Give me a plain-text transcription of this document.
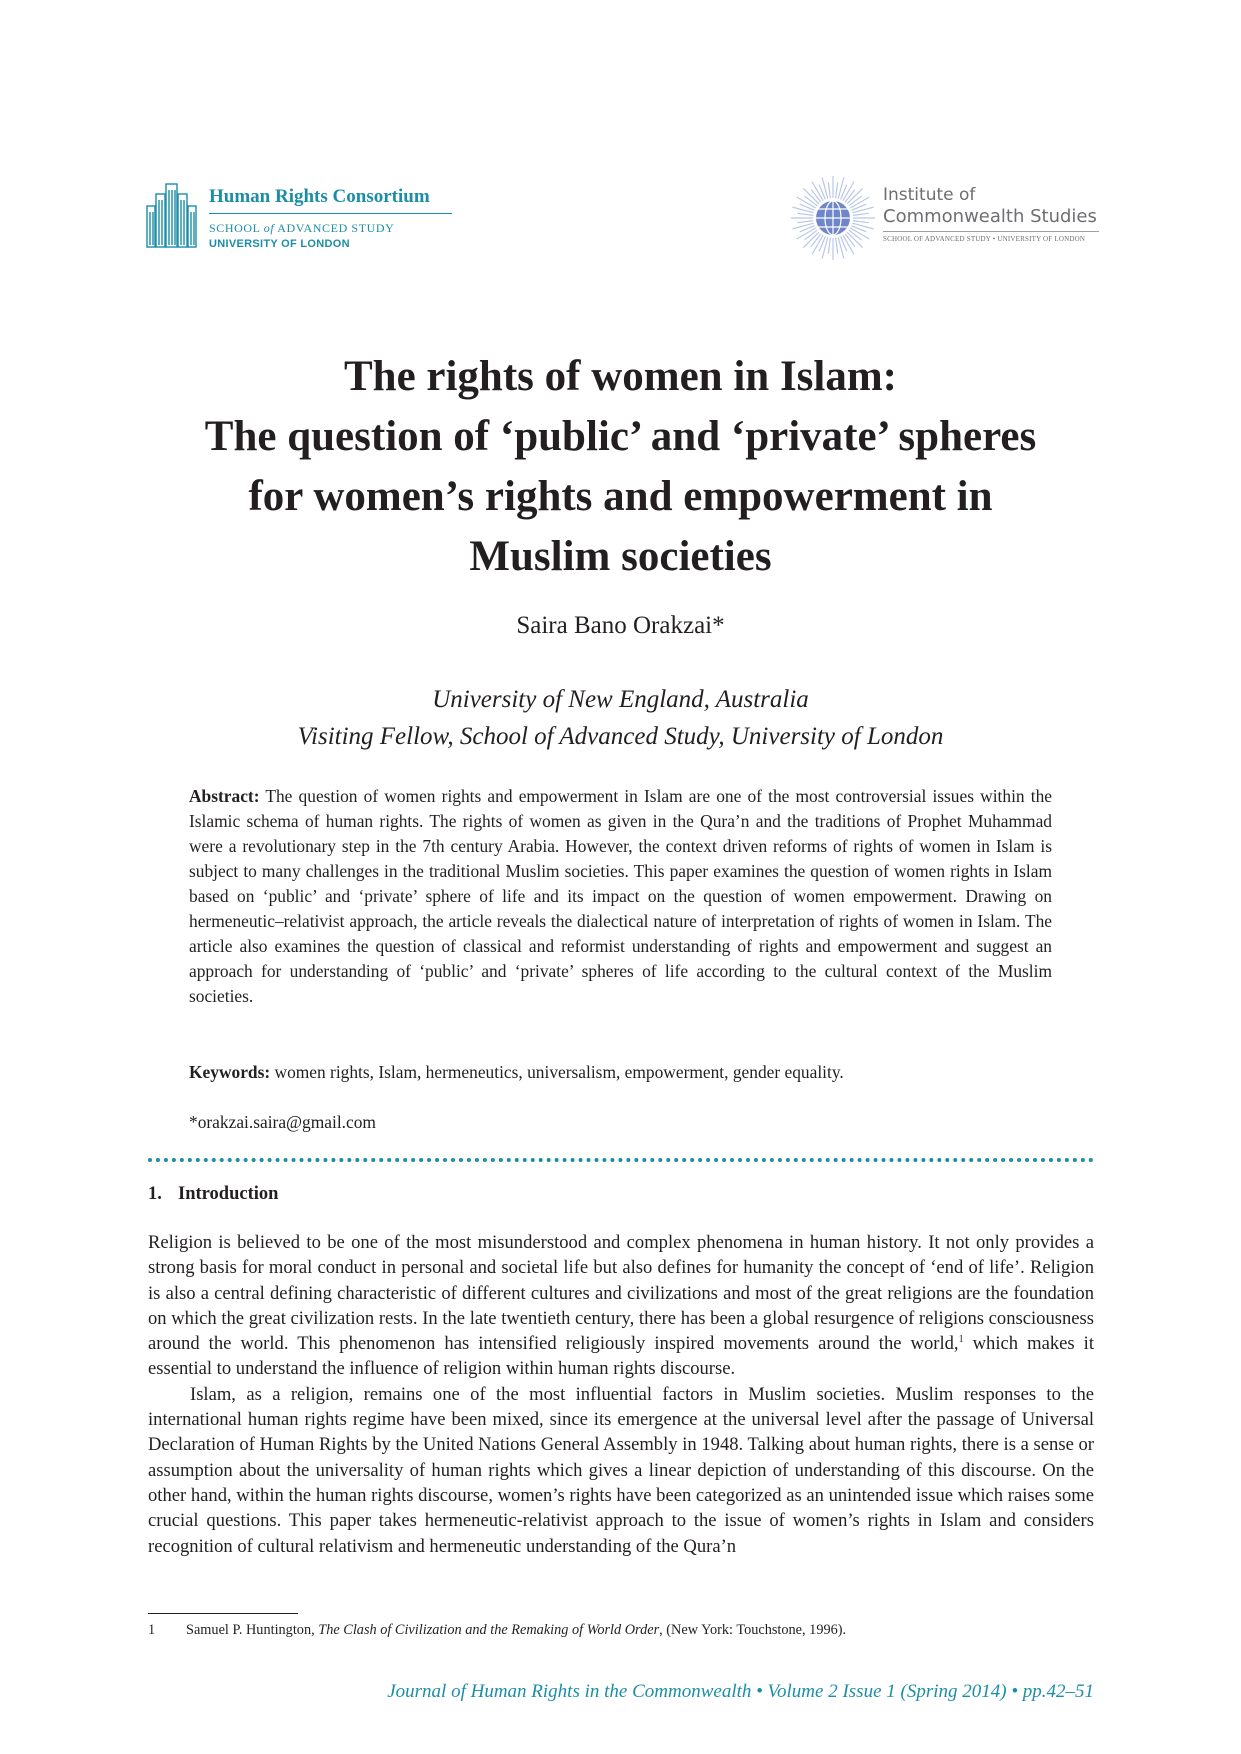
Human Rights Consortium
SCHOOL of ADVANCED STUDY
UNIVERSITY OF LONDON
Institute of
Commonwealth Studies
SCHOOL OF ADVANCED STUDY • UNIVERSITY OF LONDON
The rights of women in Islam:
The question of ‘public’ and ‘private’ spheres
for women’s rights and empowerment in
Muslim societies
Saira Bano Orakzai*
University of New England, Australia
Visiting Fellow, School of Advanced Study, University of London
Abstract: The question of women rights and empowerment in Islam are one of the most controversial issues within the Islamic schema of human rights. The rights of women as given in the Qura’n and the traditions of Prophet Muhammad were a revolutionary step in the 7th century Arabia. However, the context driven reforms of rights of women in Islam is subject to many challenges in the traditional Muslim societies. This paper examines the question of women rights in Islam based on ‘public’ and ‘private’ sphere of life and its impact on the question of women empowerment. Drawing on hermeneutic–relativist approach, the article reveals the dialectical nature of interpretation of rights of women in Islam. The article also examines the question of classical and reformist understanding of rights and empowerment and suggest an approach for understanding of ‘public’ and ‘private’ spheres of life according to the cultural context of the Muslim societies.
Keywords: women rights, Islam, hermeneutics, universalism, empowerment, gender equality.
*orakzai.saira@gmail.com
1. Introduction

Religion is believed to be one of the most misunderstood and complex phenomena in human history. It not only provides a strong basis for moral conduct in personal and societal life but also defines for humanity the concept of ‘end of life’. Religion is also a central defining characteristic of different cultures and civilizations and most of the great religions are the foundation on which the great civilization rests. In the late twentieth century, there has been a global resurgence of religions consciousness around the world. This phenomenon has intensified religiously inspired movements around the world,$^1$ which makes it essential to understand the influence of religion within human rights discourse.

Islam, as a religion, remains one of the most influential factors in Muslim societies. Muslim responses to the international human rights regime have been mixed, since its emergence at the universal level after the passage of Universal Declaration of Human Rights by the United Nations General Assembly in 1948. Talking about human rights, there is a sense or assumption about the universality of human rights which gives a linear depiction of understanding of this discourse. On the other hand, within the human rights discourse, women’s rights have been categorized as an unintended issue which raises some crucial questions. This paper takes hermeneutic-relativist approach to the issue of women’s rights in Islam and considers recognition of cultural relativism and hermeneutic understanding of the Qura’n

1 Samuel P. Huntington, The Clash of Civilization and the Remaking of World Order, (New York: Touchstone, 1996).
Journal of Human Rights in the Commonwealth • Volume 2 Issue 1 (Spring 2014) • pp.42–51
